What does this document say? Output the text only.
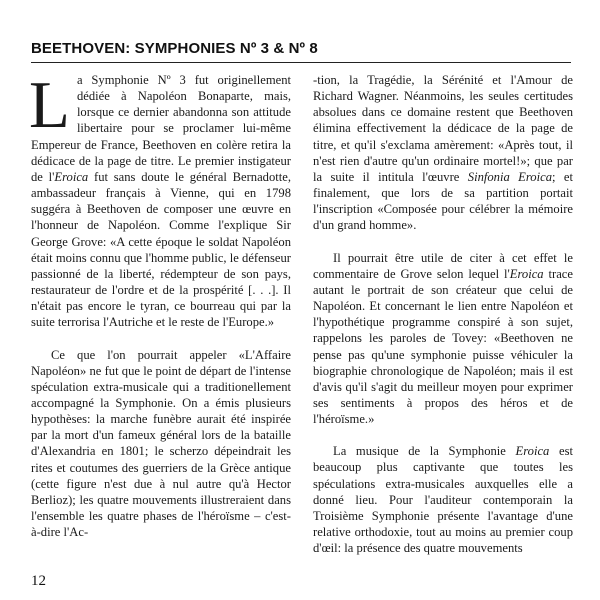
BEETHOVEN: SYMPHONIES Nº 3 & Nº 8

La Symphonie Nº 3 fut originellement dédiée à Napoléon Bonaparte, mais, lorsque ce dernier abandonna son attitude libertaire pour se proclamer lui-même Empereur de France, Beethoven en colère retira la dédicace de la page de titre. Le premier instigateur de l'Eroica fut sans doute le général Bernadotte, ambassadeur français à Vienne, qui en 1798 suggéra à Beethoven de composer une œuvre en l'honneur de Napoléon. Comme l'explique Sir George Grove: «A cette époque le soldat Napoléon était moins connu que l'homme public, le défenseur passionné de la liberté, rédempteur de son pays, restaurateur de l'ordre et de la prospérité [. . .]. Il n'était pas encore le tyran, ce bourreau qui par la suite terrorisa l'Autriche et le reste de l'Europe.»

Ce que l'on pourrait appeler «L'Affaire Napoléon» ne fut que le point de départ de l'intense spéculation extra-musicale qui a traditionellement accompagné la Symphonie. On a émis plusieurs hypothèses: la marche funèbre aurait été inspirée par la mort d'un fameux général lors de la bataille d'Alexandria en 1801; le scherzo dépeindrait les rites et coutumes des guerriers de la Grèce antique (cette figure n'est due à nul autre qu'à Hector Berlioz); les quatre mouvements illustreraient dans l'ensemble les quatre phases de l'héroïsme – c'est-à-dire l'Ac-

-tion, la Tragédie, la Sérénité et l'Amour de Richard Wagner. Néanmoins, les seules certitudes absolues dans ce domaine restent que Beethoven élimina effectivement la dédicace de la page de titre, et qu'il s'exclama amèrement: «Après tout, il n'est rien d'autre qu'un ordinaire mortel!»; que par la suite il intitula l'œuvre Sinfonia Eroica; et finalement, que lors de sa partition portait l'inscription «Composée pour célébrer la mémoire d'un grand homme».

Il pourrait être utile de citer à cet effet le commentaire de Grove selon lequel l'Eroica trace autant le portrait de son créateur que celui de Napoléon. Et concernant le lien entre Napoléon et l'hypothétique programme conspiré à son sujet, rappelons les paroles de Tovey: «Beethoven ne pense pas qu'une symphonie puisse véhiculer la biographie chronologique de Napoléon; mais il est d'avis qu'il s'agit du meilleur moyen pour exprimer ses sentiments à propos des héros et de l'héroïsme.»

La musique de la Symphonie Eroica est beaucoup plus captivante que toutes les spéculations extra-musicales auxquelles elle a donné lieu. Pour l'auditeur contemporain la Troisième Symphonie présente l'avantage d'une relative orthodoxie, tout au moins au premier coup d'œil: la présence des quatre mouvements

12
